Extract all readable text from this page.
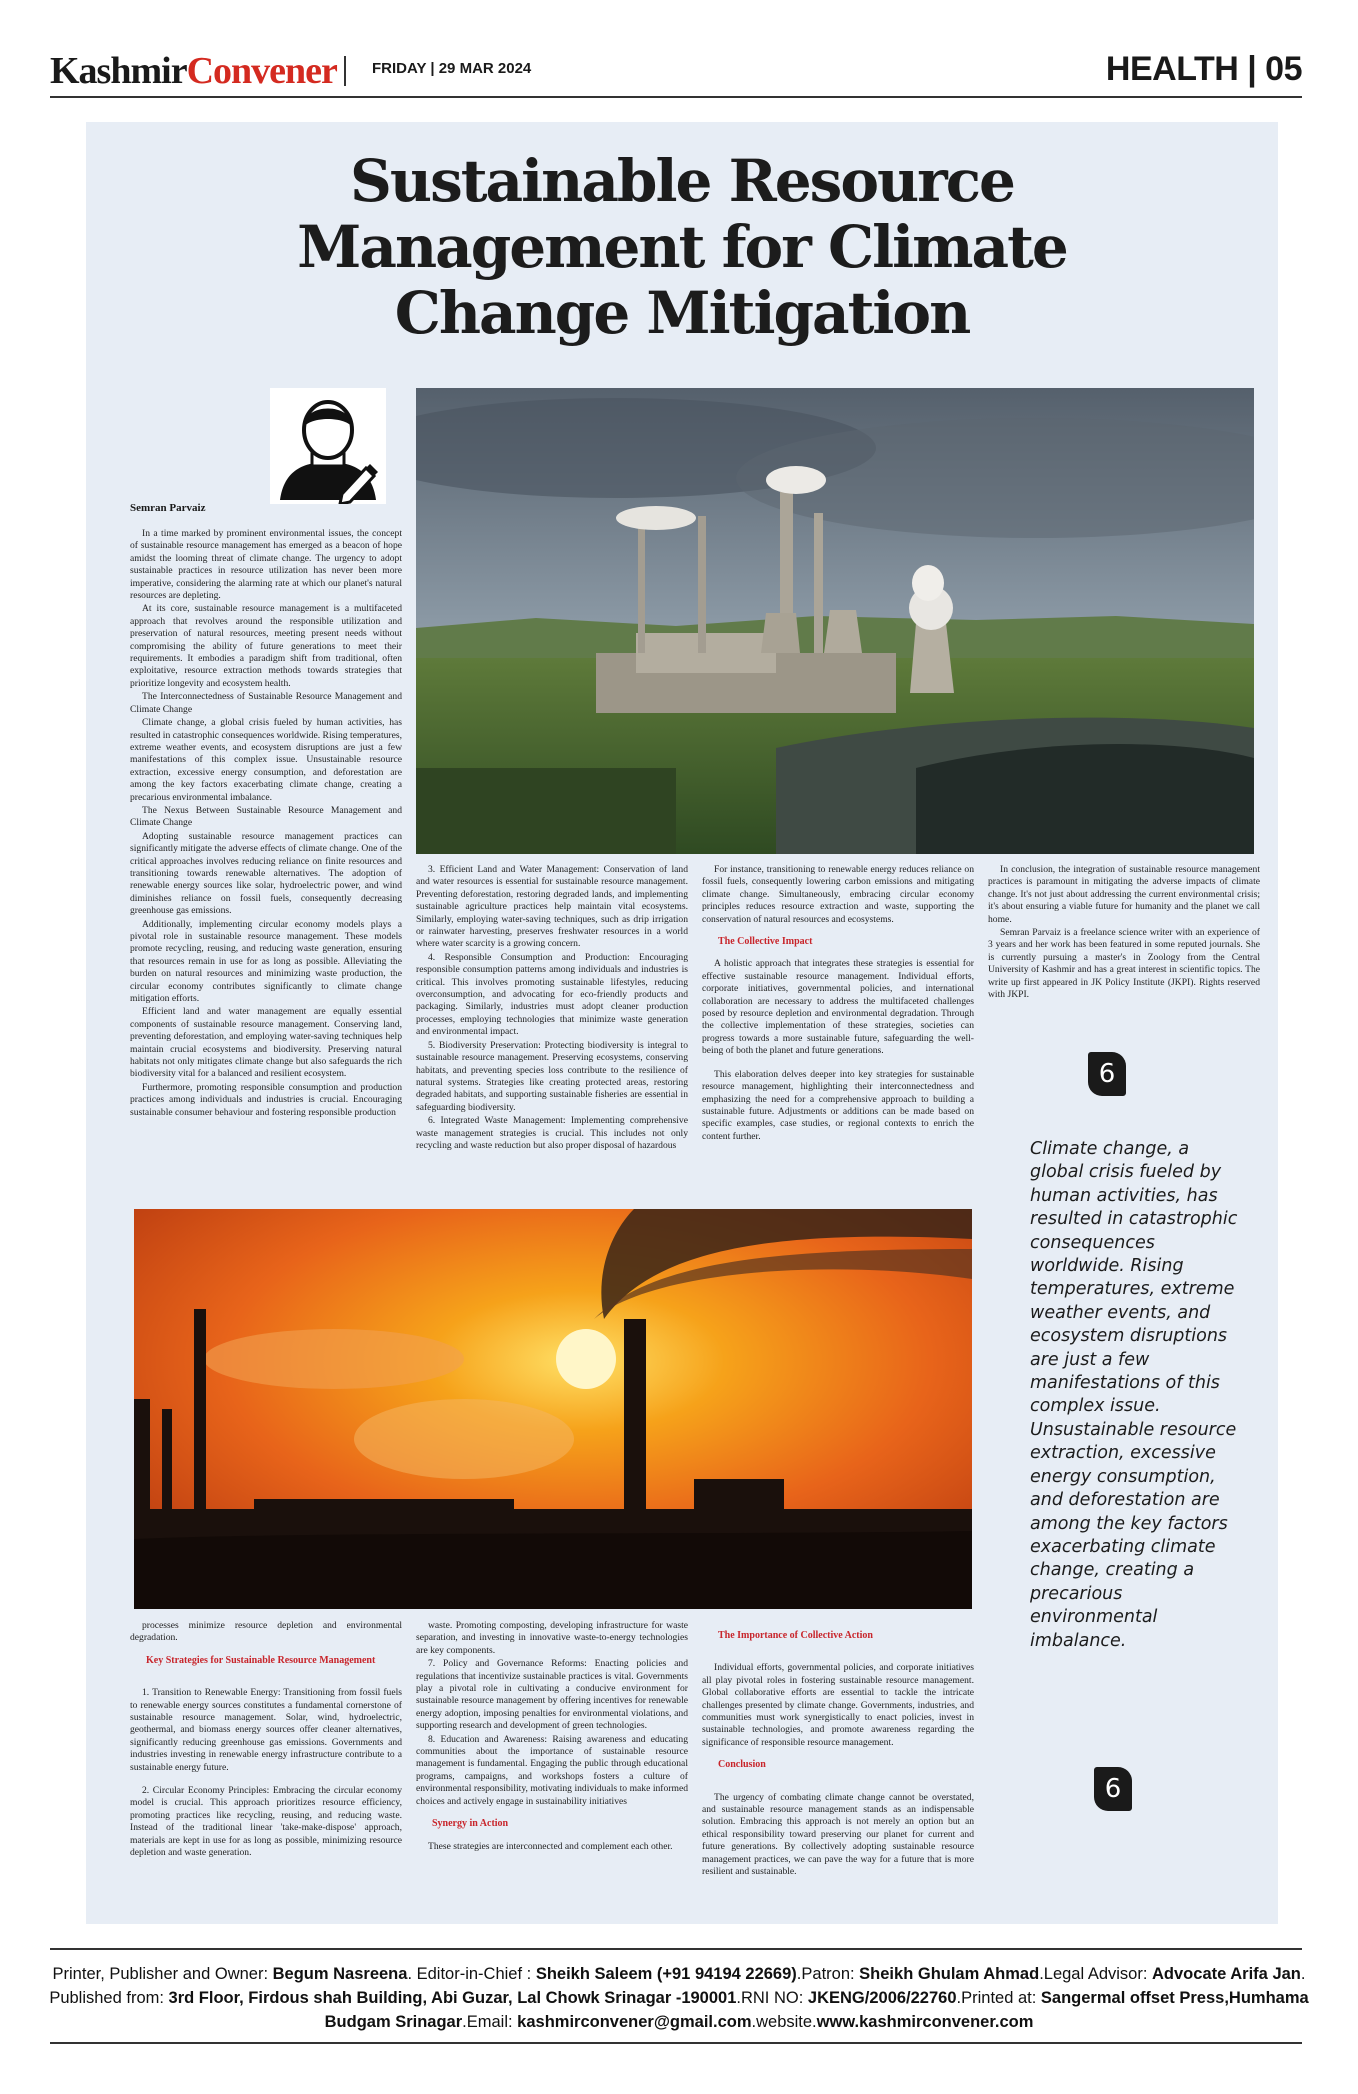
KashmirConvener	FRIDAY | 29 MAR 2024	HEALTH | 05
Sustainable Resource
Management for Climate
Change Mitigation
Semran Parvaiz

In a time marked by prominent environmental issues, the concept of sustainable resource management has emerged as a beacon of hope amidst the looming threat of climate change. The urgency to adopt sustainable practices in resource utilization has never been more imperative, considering the alarming rate at which our planet's natural resources are depleting.

At its core, sustainable resource management is a multifaceted approach that revolves around the responsible utilization and preservation of natural resources, meeting present needs without compromising the ability of future generations to meet their requirements. It embodies a paradigm shift from traditional, often exploitative, resource extraction methods towards strategies that prioritize longevity and ecosystem health.

The Interconnectedness of Sustainable Resource Management and Climate Change

Climate change, a global crisis fueled by human activities, has resulted in catastrophic consequences worldwide. Rising temperatures, extreme weather events, and ecosystem disruptions are just a few manifestations of this complex issue. Unsustainable resource extraction, excessive energy consumption, and deforestation are among the key factors exacerbating climate change, creating a precarious environmental imbalance.

The Nexus Between Sustainable Resource Management and Climate Change

Adopting sustainable resource management practices can significantly mitigate the adverse effects of climate change. One of the critical approaches involves reducing reliance on finite resources and transitioning towards renewable alternatives. The adoption of renewable energy sources like solar, hydroelectric power, and wind diminishes reliance on fossil fuels, consequently decreasing greenhouse gas emissions.

Additionally, implementing circular economy models plays a pivotal role in sustainable resource management. These models promote recycling, reusing, and reducing waste generation, ensuring that resources remain in use for as long as possible. Alleviating the burden on natural resources and minimizing waste production, the circular economy contributes significantly to climate change mitigation efforts.

Efficient land and water management are equally essential components of sustainable resource management. Conserving land, preventing deforestation, and employing water-saving techniques help maintain crucial ecosystems and biodiversity. Preserving natural habitats not only mitigates climate change but also safeguards the rich biodiversity vital for a balanced and resilient ecosystem.

Furthermore, promoting responsible consumption and production practices among individuals and industries is crucial. Encouraging sustainable consumer behaviour and fostering responsible production

3. Efficient Land and Water Management: Conservation of land and water resources is essential for sustainable resource management. Preventing deforestation, restoring degraded lands, and implementing sustainable agriculture practices help maintain vital ecosystems. Similarly, employing water-saving techniques, such as drip irrigation or rainwater harvesting, preserves freshwater resources in a world where water scarcity is a growing concern.

4. Responsible Consumption and Production: Encouraging responsible consumption patterns among individuals and industries is critical. This involves promoting sustainable lifestyles, reducing overconsumption, and advocating for eco-friendly products and packaging. Similarly, industries must adopt cleaner production processes, employing technologies that minimize waste generation and environmental impact.

5. Biodiversity Preservation: Protecting biodiversity is integral to sustainable resource management. Preserving ecosystems, conserving habitats, and preventing species loss contribute to the resilience of natural systems. Strategies like creating protected areas, restoring degraded habitats, and supporting sustainable fisheries are essential in safeguarding biodiversity.

6. Integrated Waste Management: Implementing comprehensive waste management strategies is crucial. This includes not only recycling and waste reduction but also proper disposal of hazardous

For instance, transitioning to renewable energy reduces reliance on fossil fuels, consequently lowering carbon emissions and mitigating climate change. Simultaneously, embracing circular economy principles reduces resource extraction and waste, supporting the conservation of natural resources and ecosystems.

The Collective Impact

A holistic approach that integrates these strategies is essential for effective sustainable resource management. Individual efforts, corporate initiatives, governmental policies, and international collaboration are necessary to address the multifaceted challenges posed by resource depletion and environmental degradation. Through the collective implementation of these strategies, societies can progress towards a more sustainable future, safeguarding the well-being of both the planet and future generations.

This elaboration delves deeper into key strategies for sustainable resource management, highlighting their interconnectedness and emphasizing the need for a comprehensive approach to building a sustainable future. Adjustments or additions can be made based on specific examples, case studies, or regional contexts to enrich the content further.

In conclusion, the integration of sustainable resource management practices is paramount in mitigating the adverse impacts of climate change. It's not just about addressing the current environmental crisis; it's about ensuring a viable future for humanity and the planet we call home.

Semran Parvaiz is a freelance science writer with an experience of 3 years and her work has been featured in some reputed journals. She is currently pursuing a master's in Zoology from the Central University of Kashmir and has a great interest in scientific topics. The write up first appeared in JK Policy Institute (JKPI). Rights reserved with JKPI.

6
Climate change, a global crisis fueled by human activities, has resulted in catastrophic consequences worldwide. Rising temperatures, extreme weather events, and ecosystem disruptions are just a few manifestations of this complex issue. Unsustainable resource extraction, excessive energy consumption, and deforestation are among the key factors exacerbating climate change, creating a precarious environmental imbalance.
6

processes minimize resource depletion and environmental degradation.

Key Strategies for Sustainable Resource Management

1. Transition to Renewable Energy: Transitioning from fossil fuels to renewable energy sources constitutes a fundamental cornerstone of sustainable resource management. Solar, wind, hydroelectric, geothermal, and biomass energy sources offer cleaner alternatives, significantly reducing greenhouse gas emissions. Governments and industries investing in renewable energy infrastructure contribute to a sustainable energy future.

2. Circular Economy Principles: Embracing the circular economy model is crucial. This approach prioritizes resource efficiency, promoting practices like recycling, reusing, and reducing waste. Instead of the traditional linear 'take-make-dispose' approach, materials are kept in use for as long as possible, minimizing resource depletion and waste generation.

waste. Promoting composting, developing infrastructure for waste separation, and investing in innovative waste-to-energy technologies are key components.

7. Policy and Governance Reforms: Enacting policies and regulations that incentivize sustainable practices is vital. Governments play a pivotal role in cultivating a conducive environment for sustainable resource management by offering incentives for renewable energy adoption, imposing penalties for environmental violations, and supporting research and development of green technologies.

8. Education and Awareness: Raising awareness and educating communities about the importance of sustainable resource management is fundamental. Engaging the public through educational programs, campaigns, and workshops fosters a culture of environmental responsibility, motivating individuals to make informed choices and actively engage in sustainability initiatives

Synergy in Action

These strategies are interconnected and complement each other.

The Importance of Collective Action

Individual efforts, governmental policies, and corporate initiatives all play pivotal roles in fostering sustainable resource management. Global collaborative efforts are essential to tackle the intricate challenges presented by climate change. Governments, industries, and communities must work synergistically to enact policies, invest in sustainable technologies, and promote awareness regarding the significance of responsible resource management.

Conclusion

The urgency of combating climate change cannot be overstated, and sustainable resource management stands as an indispensable solution. Embracing this approach is not merely an option but an ethical responsibility toward preserving our planet for current and future generations. By collectively adopting sustainable resource management practices, we can pave the way for a future that is more resilient and sustainable.

Printer, Publisher and Owner: Begum Nasreena. Editor-in-Chief : Sheikh Saleem (+91 94194 22669).Patron: Sheikh Ghulam Ahmad.Legal Advisor: Advocate Arifa Jan.
Published from: 3rd Floor, Firdous shah Building, Abi Guzar, Lal Chowk Srinagar -190001.RNI NO: JKENG/2006/22760.Printed at: Sangermal offset Press,Humhama
Budgam Srinagar.Email: kashmirconvener@gmail.com.website.www.kashmirconvener.com
